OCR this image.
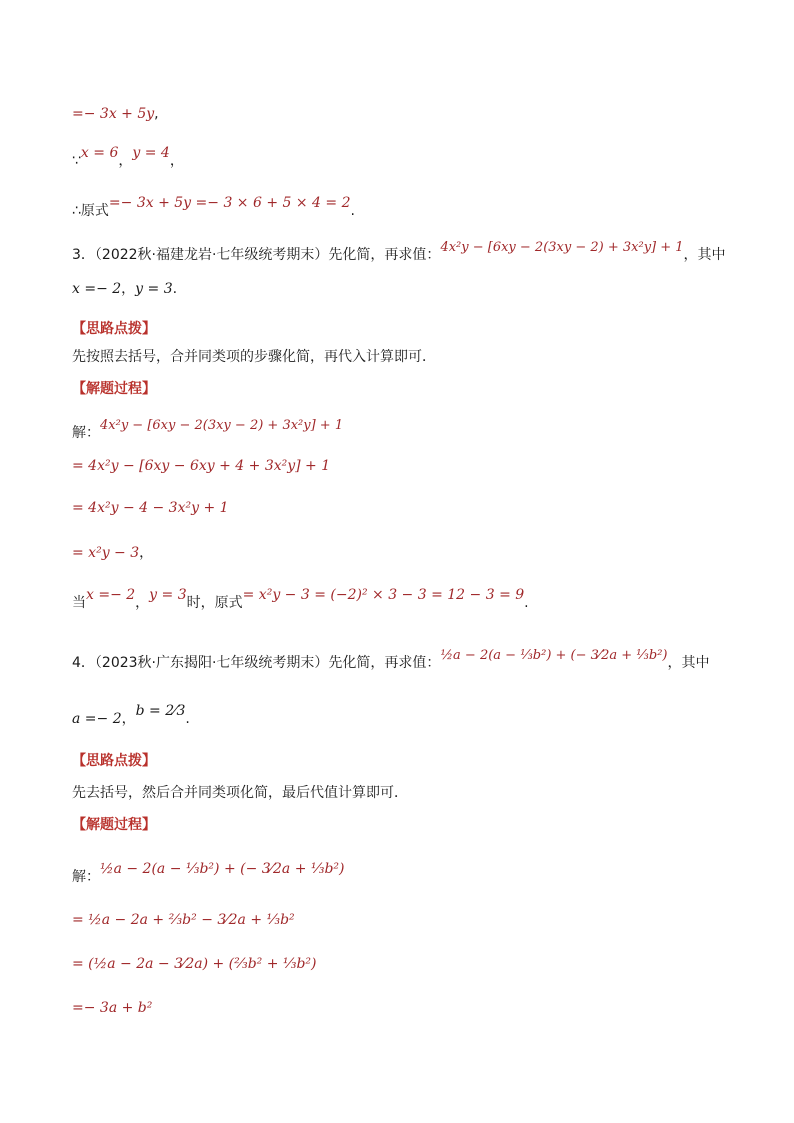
=− 3x + 5y,
∵x = 6，y = 4，
∴原式=− 3x + 5y =− 3 × 6 + 5 × 4 = 2.
3．（2022秋·福建龙岩·七年级统考期末）先化简，再求值：4x²y − [6xy − 2(3xy − 2) + 3x²y] + 1，其中
x =− 2，y = 3.
【思路点拨】
先按照去括号，合并同类项的步骤化简，再代入计算即可．
【解题过程】
解：4x²y − [6xy − 2(3xy − 2) + 3x²y] + 1
= 4x²y − [6xy − 6xy + 4 + 3x²y] + 1
= 4x²y − 4 − 3x²y + 1
= x²y − 3，
当x =− 2，y = 3时，原式= x²y − 3 = (−2)² × 3 − 3 = 12 − 3 = 9.
4．（2023秋·广东揭阳·七年级统考期末）先化简，再求值：½a − 2(a − ⅓b²) + (− 3⁄2a + ⅓b²)，其中
a =− 2，b = 2⁄3.
【思路点拨】
先去括号，然后合并同类项化简，最后代值计算即可．
【解题过程】
解：½a − 2(a − ⅓b²) + (− 3⁄2a + ⅓b²)
= ½a − 2a + ⅔b² − 3⁄2a + ⅓b²
= (½a − 2a − 3⁄2a) + (⅔b² + ⅓b²)
=− 3a + b²
